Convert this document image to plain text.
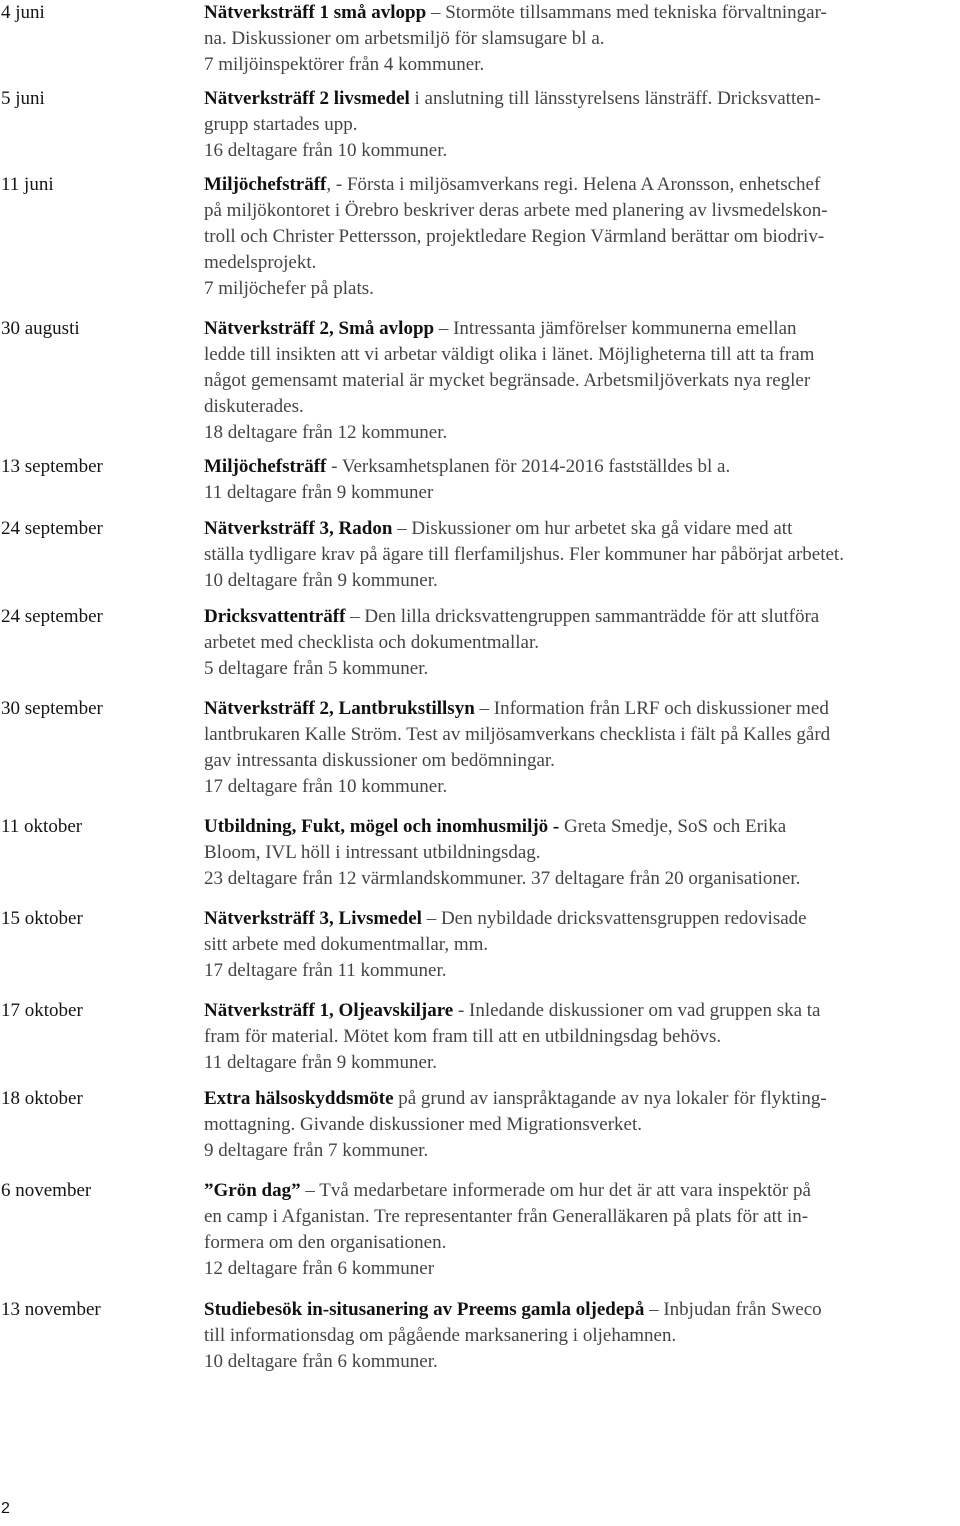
4 juni	Nätverksträff 1 små avlopp – Stormöte tillsammans med tekniska förvaltningar-
na. Diskussioner om arbetsmiljö för slamsugare bl a.
7 miljöinspektörer från 4 kommuner.
5 juni	Nätverksträff 2 livsmedel i anslutning till länsstyrelsens länsträff. Dricksvatten-
grupp startades upp.
16 deltagare från 10 kommuner.
11 juni	Miljöchefsträff, - Första i miljösamverkans regi. Helena A Aronsson, enhetschef
på miljökontoret i Örebro beskriver deras arbete med planering av livsmedelskon-
troll och Christer Pettersson, projektledare Region Värmland berättar om biodriv-
medelsprojekt.
7 miljöchefer på plats.
30 augusti	Nätverksträff 2, Små avlopp – Intressanta jämförelser kommunerna emellan
ledde till insikten att vi arbetar väldigt olika i länet. Möjligheterna till att ta fram
något gemensamt material är mycket begränsade. Arbetsmiljöverkats nya regler
diskuterades.
18 deltagare från 12 kommuner.
13 september	Miljöchefsträff - Verksamhetsplanen för 2014-2016 fastställdes bl a.
11 deltagare från 9 kommuner
24 september	Nätverksträff 3, Radon – Diskussioner om hur arbetet ska gå vidare med att
ställa tydligare krav på ägare till flerfamiljshus. Fler kommuner har påbörjat arbetet.
10 deltagare från 9 kommuner.
24 september	Dricksvattenträff – Den lilla dricksvattengruppen sammanträdde för att slutföra
arbetet med checklista och dokumentmallar.
5 deltagare från 5 kommuner.
30 september	Nätverksträff 2, Lantbrukstillsyn – Information från LRF och diskussioner med
lantbrukaren Kalle Ström. Test av miljösamverkans checklista i fält på Kalles gård
gav intressanta diskussioner om bedömningar.
17 deltagare från 10 kommuner.
11 oktober	Utbildning, Fukt, mögel och inomhusmiljö - Greta Smedje, SoS och Erika
Bloom, IVL höll i intressant utbildningsdag.
23 deltagare från 12 värmlandskommuner. 37 deltagare från 20 organisationer.
15 oktober	Nätverksträff 3, Livsmedel – Den nybildade dricksvattensgruppen redovisade
sitt arbete med dokumentmallar, mm.
17 deltagare från 11 kommuner.
17 oktober	Nätverksträff 1, Oljeavskiljare - Inledande diskussioner om vad gruppen ska ta
fram för material. Mötet kom fram till att en utbildningsdag behövs.
11 deltagare från 9 kommuner.
18 oktober	Extra hälsoskyddsmöte på grund av ianspråktagande av nya lokaler för flykting-
mottagning. Givande diskussioner med Migrationsverket.
9 deltagare från 7 kommuner.
6 november	”Grön dag” – Två medarbetare informerade om hur det är att vara inspektör på
en camp i Afganistan. Tre representanter från Generalläkaren på plats för att in-
formera om den organisationen.
12 deltagare från 6 kommuner
13 november	Studiebesök in-situsanering av Preems gamla oljedepå – Inbjudan från Sweco
till informationsdag om pågående marksanering i oljehamnen.
10 deltagare från 6 kommuner.
2
